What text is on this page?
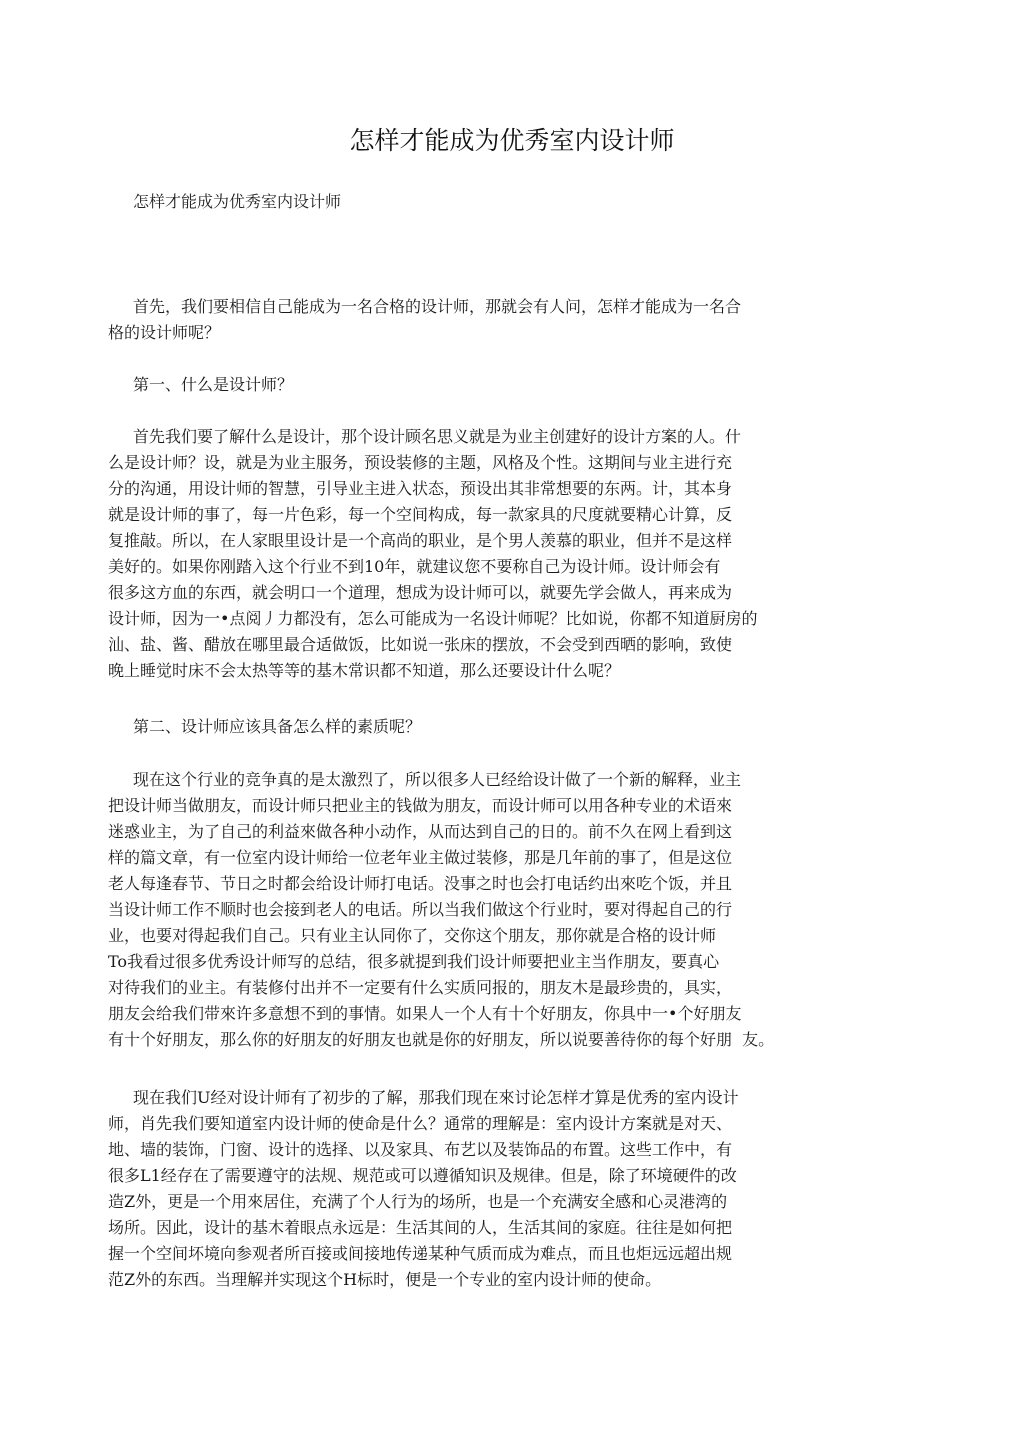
怎样才能成为优秀室内设计师

怎样才能成为优秀室内设计师

首先，我们要相信自己能成为一名合格的设计师，那就会有人问，怎样才能成为一名合
格的设计师呢？
第一、什么是设计师？
首先我们要了解什么是设计，那个设计顾名思义就是为业主创建好的设计方案的人。什
么是设计师？设，就是为业主服务，预设装修的主题，风格及个性。这期间与业主进行充
分的沟通，用设计师的智慧，引导业主进入状态，预设出其非常想要的东两。计，其本身
就是设计师的事了，每一片色彩，每一个空间构成，每一款家具的尺度就要精心计算，反
复推敲。所以，在人家眼里设计是一个高尚的职业，是个男人羡慕的职业，但并不是这样
美好的。如果你刚踏入这个行业不到10年，就建议您不要称自己为设计师。设计师会有
很多这方血的东西，就会明口一个道理，想成为设计师可以，就要先学会做人，再来成为
设计师，因为一•点阅丿力都没有，怎么可能成为一名设计师呢？比如说，你都不知道厨房的
汕、盐、酱、醋放在哪里最合适做饭，比如说一张床的摆放，不会受到西晒的影响，致使
晚上睡觉时床不会太热等等的基木常识都不知道，那么还要设计什么呢？
第二、设计师应该具备怎么样的素质呢？
现在这个行业的竞争真的是太激烈了，所以很多人已经给设计做了一个新的解释，业主
把设计师当做朋友，而设计师只把业主的钱做为朋友，而设计师可以用各种专业的术语來
迷惑业主，为了自己的利益來做各种小动作，从而达到自己的日的。前不久在网上看到这
样的篇文章，有一位室内设计师给一位老年业主做过装修，那是几年前的事了，但是这位
老人每逢春节、节日之时都会给设计师打电话。没事之时也会打电话约出來吃个饭，并且
当设计师工作不顺时也会接到老人的电话。所以当我们做这个行业时，要对得起自己的行
业，也要对得起我们自己。只有业主认同你了，交你这个朋友，那你就是合格的设计师
To我看过很多优秀设计师写的总结，很多就提到我们设计师要把业主当作朋友，要真心
对待我们的业主。有装修付出并不一定要有什么实质冋报的，朋友木是最珍贵的，具实，
朋友会给我们带來许多意想不到的事情。如果人一个人有十个好朋友，你具中一•个好朋友
有十个好朋友，那么你的好朋友的好朋友也就是你的好朋友，所以说要善待你的每个好朋  友。
现在我们U经对设计师有了初步的了解，那我们现在來讨论怎样才算是优秀的室内设计
师，肖先我们要知道室内设计师的使命是什么？通常的理解是：室内设计方案就是对天、
地、墙的装饰，门窗、设计的选择、以及家具、布艺以及装饰品的布置。这些工作中，有
很多L1经存在了需要遵守的法规、规范或可以遵循知识及规律。但是，除了环境硬件的改
造Z外，更是一个用來居住，充满了个人行为的场所，也是一个充满安全感和心灵港湾的
场所。因此，设计的基木着眼点永远是：生活其间的人，生活其间的家庭。往往是如何把
握一个空间坏境向参观者所百接或间接地传递某种气质而成为难点，而且也炬远远超出规
范Z外的东西。当理解并实现这个H标时，便是一个专业的室内设计师的使命。
